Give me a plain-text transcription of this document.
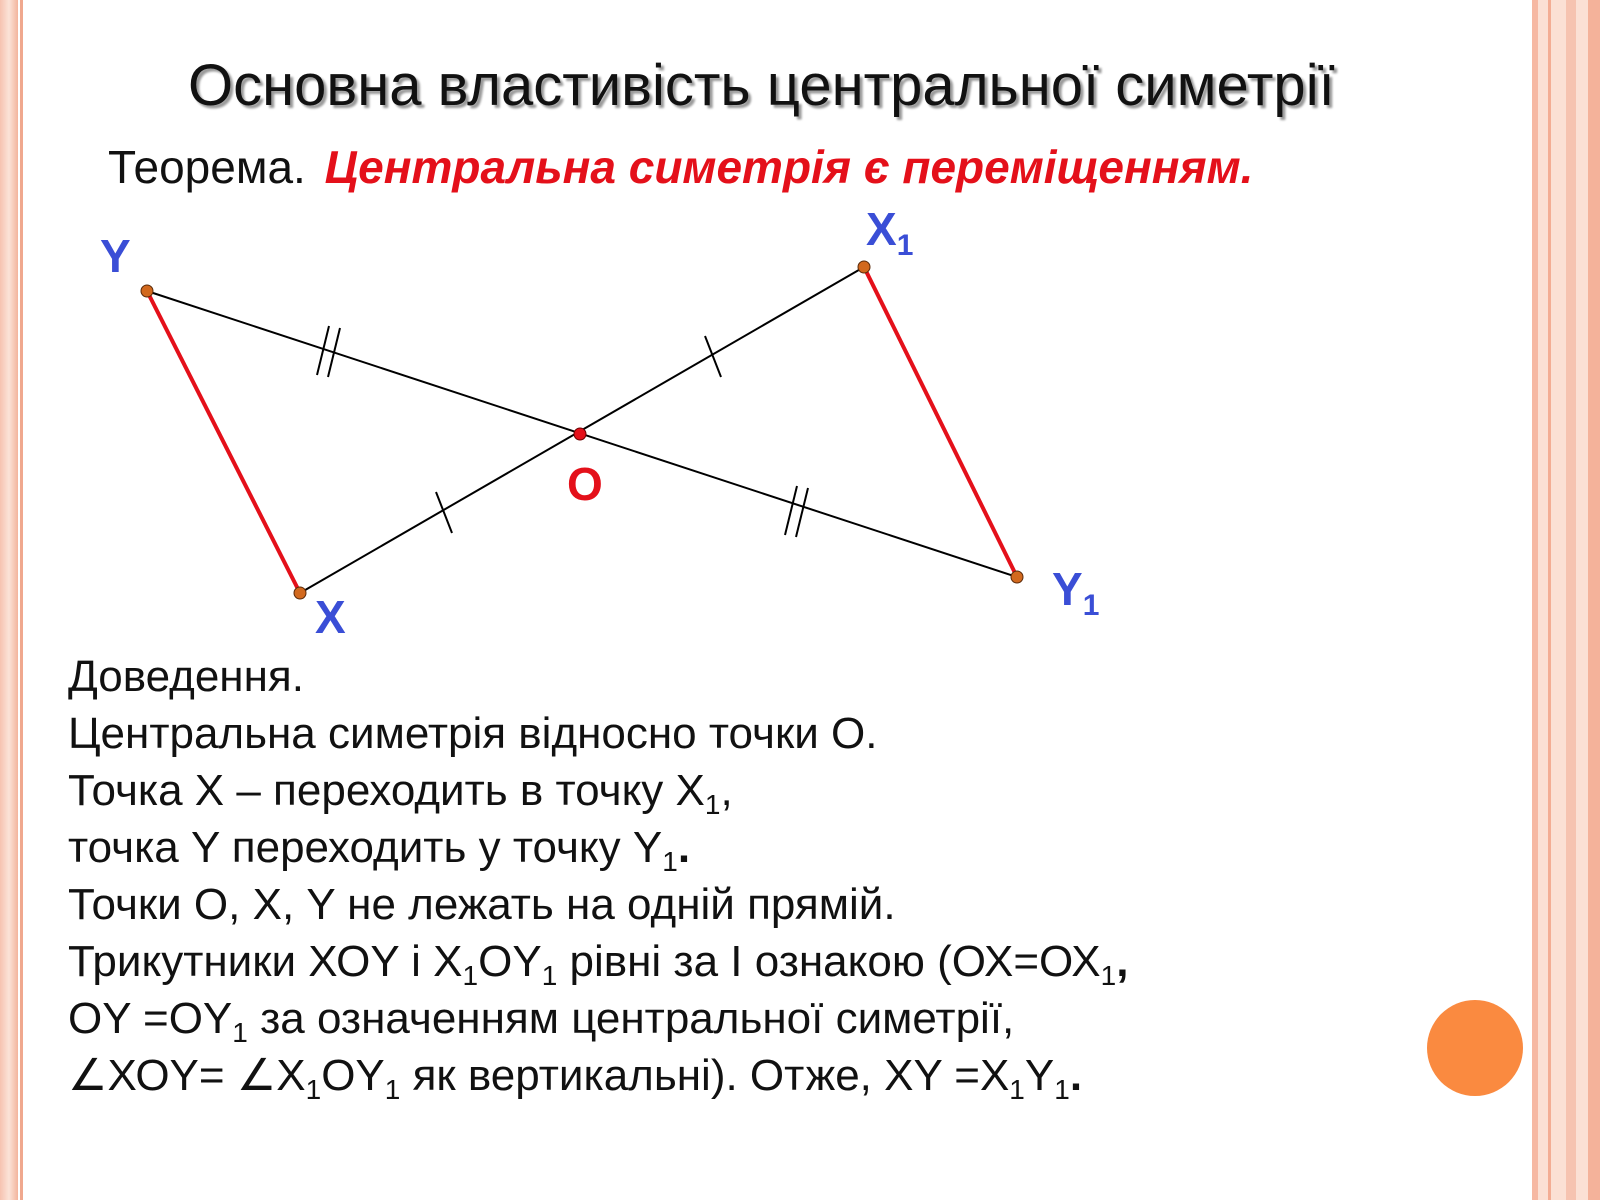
Основна властивість центральної симетрії
Теорема. Центральна симетрія є переміщенням.
Y
$X_1$
O
X
$Y_1$
Доведення.
Центральна симетрія відносно точки О.
Точка Х – переходить в точку $Х_1$,
точка Y переходить у точку $Y_1$.
Точки О, Х, Y не лежать на одній прямій.
Трикутники ХОY і $Х_1ОY_1$ рівні за I ознакою ($ОХ=ОХ_1$,
ОY $=ОY_1$ за означенням центральної симетрії,
∠ХОY= $\angle Х_1ОY_1$ як вертикальні). Отже, ХY $=Х_1Y_1$.
